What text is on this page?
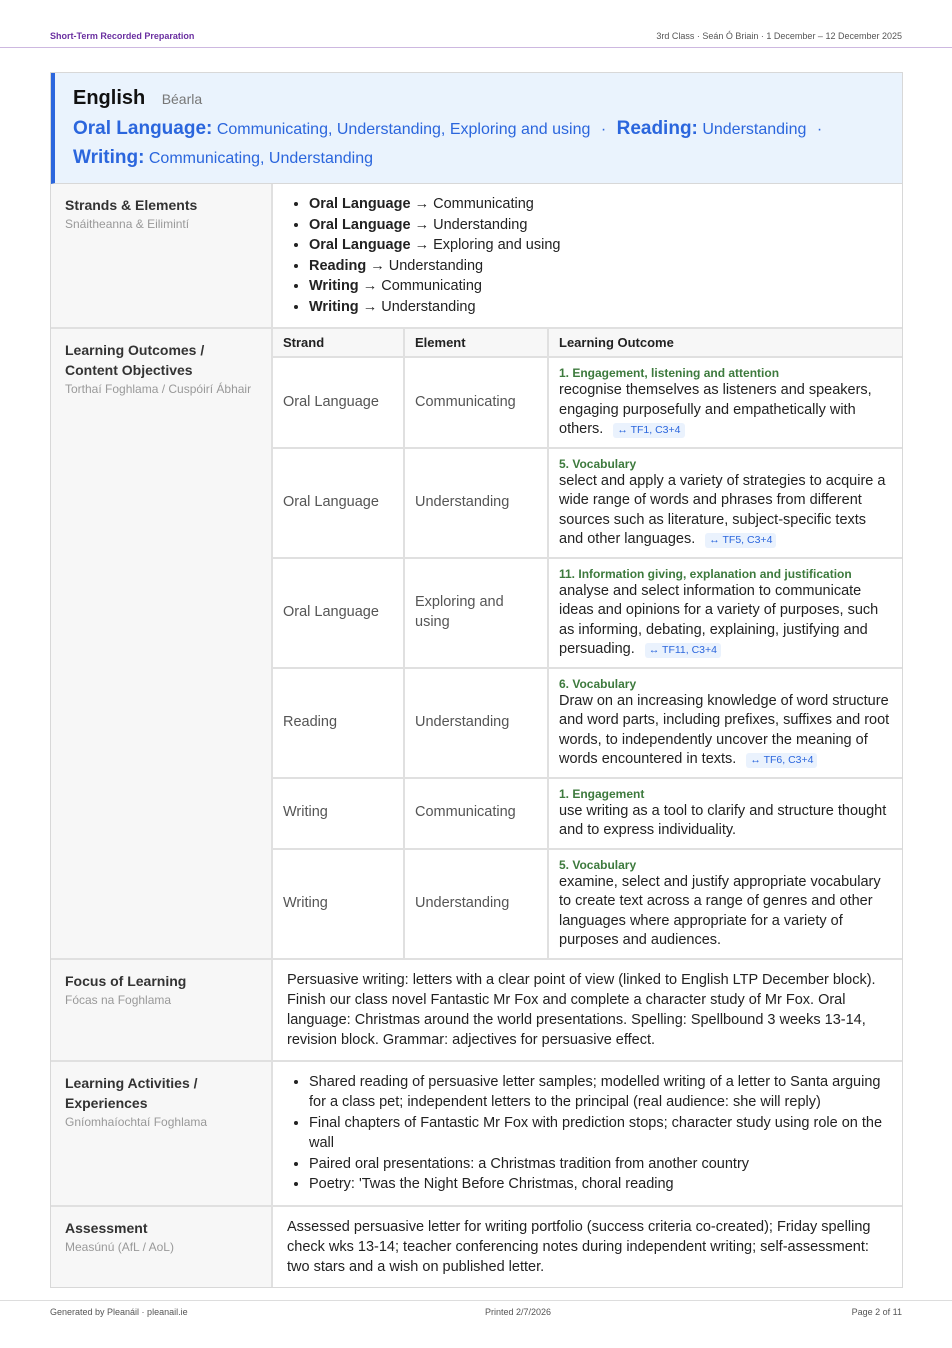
Short-Term Recorded Preparation	3rd Class · Seán Ó Briain · 1 December – 12 December 2025
English Béarla
Oral Language: Communicating, Understanding, Exploring and using · Reading: Understanding ·
Writing: Communicating, Understanding
Strands & Elements
Snáitheanna & Eilimintí

• Oral Language → Communicating
• Oral Language → Understanding
• Oral Language → Exploring and using
• Reading → Understanding
• Writing → Communicating
• Writing → Understanding

Learning Outcomes / Content Objectives
Torthaí Foghlama / Cuspóirí Ábhair

Strand	Element	Learning Outcome
Oral Language	Communicating	
1. Engagement, listening and attention
recognise themselves as listeners and speakers, engaging purposefully and empathetically with others. ↔ TF1, C3+4
Oral Language	Understanding	
5. Vocabulary
select and apply a variety of strategies to acquire a wide range of words and phrases from different sources such as literature, subject-specific texts and other languages. ↔ TF5, C3+4
Oral Language	Exploring and using	
11. Information giving, explanation and justification
analyse and select information to communicate ideas and opinions for a variety of purposes, such as informing, debating, explaining, justifying and persuading. ↔ TF11, C3+4
Reading	Understanding	
6. Vocabulary
Draw on an increasing knowledge of word structure and word parts, including prefixes, suffixes and root words, to independently uncover the meaning of words encountered in texts. ↔ TF6, C3+4
Writing	Communicating	
1. Engagement
use writing as a tool to clarify and structure thought and to express individuality.
Writing	Understanding	
5. Vocabulary
examine, select and justify appropriate vocabulary to create text across a range of genres and other languages where appropriate for a variety of purposes and audiences.

Focus of Learning
Fócas na Foghlama
	Persuasive writing: letters with a clear point of view (linked to English LTP December block). Finish our class novel Fantastic Mr Fox and complete a character study of Mr Fox. Oral language: Christmas around the world presentations. Spelling: Spellbound 3 weeks 13-14, revision block. Grammar: adjectives for persuasive effect.

Learning Activities / Experiences
Gníomhaíochtaí Foghlama

• Shared reading of persuasive letter samples; modelled writing of a letter to Santa arguing for a class pet; independent letters to the principal (real audience: she will reply)
• Final chapters of Fantastic Mr Fox with prediction stops; character study using role on the wall
• Paired oral presentations: a Christmas tradition from another country
• Poetry: 'Twas the Night Before Christmas, choral reading

Assessment
Measúnú (AfL / AoL)
	Assessed persuasive letter for writing portfolio (success criteria co-created); Friday spelling check wks 13-14; teacher conferencing notes during independent writing; self-assessment: two stars and a wish on published letter.
Generated by Pleanáil · pleanail.ie	Printed 2/7/2026	Page 2 of 11
